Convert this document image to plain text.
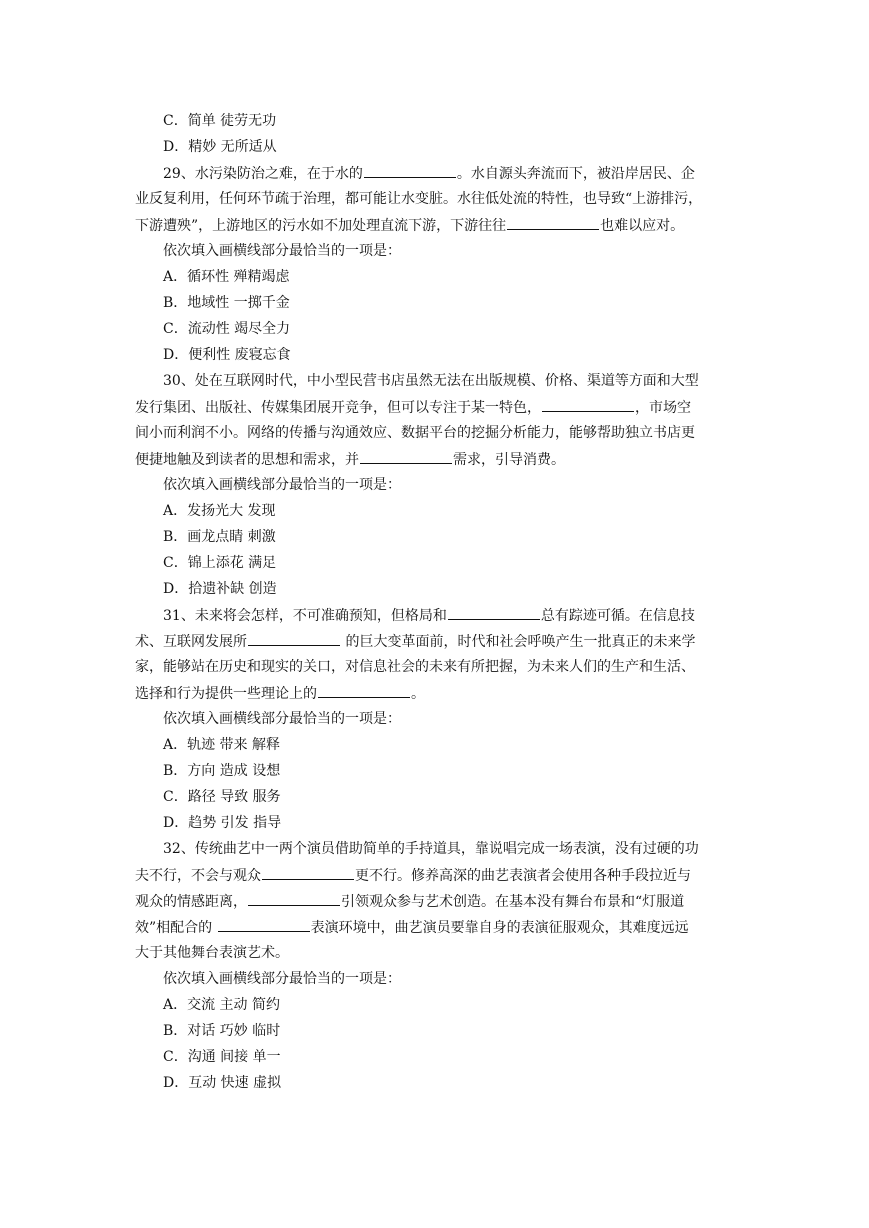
C．简单 徒劳无功
D．精妙 无所适从
29、水污染防治之难，在于水的	。水自源头奔流而下，被沿岸居民、企
业反复利用，任何环节疏于治理，都可能让水变脏。水往低处流的特性，也导致“上游排污，
下游遭殃”，上游地区的污水如不加处理直流下游，下游往往	也难以应对。
依次填入画横线部分最恰当的一项是：
A．循环性 殚精竭虑
B．地域性 一掷千金
C．流动性 竭尽全力
D．便利性 废寝忘食
30、处在互联网时代，中小型民营书店虽然无法在出版规模、价格、渠道等方面和大型
发行集团、出版社、传媒集团展开竞争，但可以专注于某一特色，	，市场空
间小而利润不小。网络的传播与沟通效应、数据平台的挖掘分析能力，能够帮助独立书店更
便捷地触及到读者的思想和需求，并	需求，引导消费。
依次填入画横线部分最恰当的一项是：
A．发扬光大 发现
B．画龙点睛 刺激
C．锦上添花 满足
D．拾遗补缺 创造
31、未来将会怎样，不可准确预知，但格局和	总有踪迹可循。在信息技
术、互联网发展所	的巨大变革面前，时代和社会呼唤产生一批真正的未来学
家，能够站在历史和现实的关口，对信息社会的未来有所把握，为未来人们的生产和生活、
选择和行为提供一些理论上的	。
依次填入画横线部分最恰当的一项是：
A．轨迹 带来 解释
B．方向 造成 设想
C．路径 导致 服务
D．趋势 引发 指导
32、传统曲艺中一两个演员借助简单的手持道具，靠说唱完成一场表演，没有过硬的功
夫不行，不会与观众	更不行。修养高深的曲艺表演者会使用各种手段拉近与
观众的情感距离，	引领观众参与艺术创造。在基本没有舞台布景和“灯服道
效”相配合的	表演环境中，曲艺演员要靠自身的表演征服观众，其难度远远
大于其他舞台表演艺术。
依次填入画横线部分最恰当的一项是：
A．交流 主动 简约
B．对话 巧妙 临时
C．沟通 间接 单一
D．互动 快速 虚拟
